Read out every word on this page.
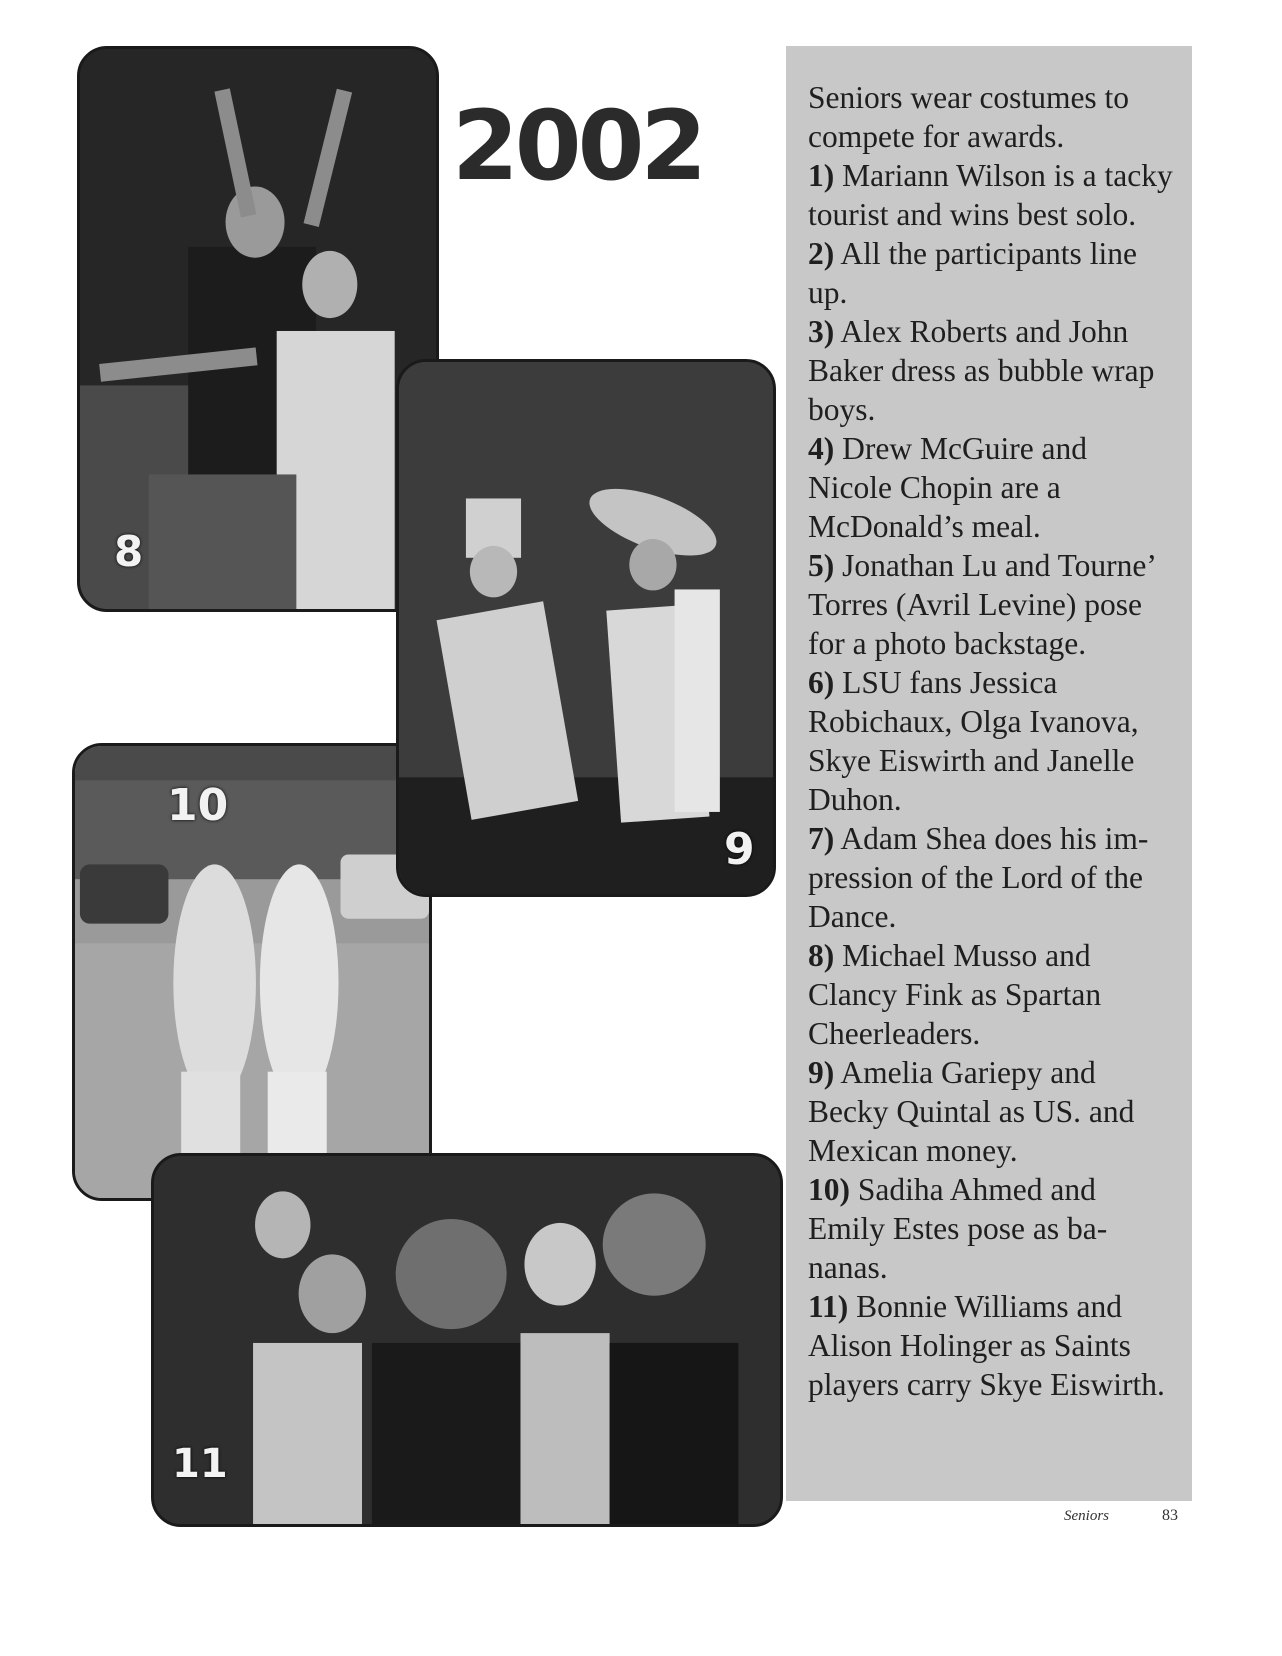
8
9
10
11
2002	Seniors wear costumes to compete for awards.

1) Mariann Wilson is a tacky tourist and wins best solo.

2) All the participants line up.

3) Alex Roberts and John Baker dress as bubble wrap boys.

4) Drew McGuire and Nicole Chopin are a McDonald’s meal.

5) Jonathan Lu and Tourne’ Torres (Avril Levine) pose for a photo backstage.

6) LSU fans Jessica Robichaux, Olga Ivanova, Skye Eiswirth and Janelle Duhon.

7) Adam Shea does his im-pression of the Lord of the Dance.

8) Michael Musso and Clancy Fink as Spartan Cheerleaders.

9) Amelia Gariepy and Becky Quintal as US. and Mexican money.

10) Sadiha Ahmed and Emily Estes pose as ba-nanas.

11) Bonnie Williams and Alison Holinger as Saints players carry Skye Eiswirth.

Seniors	83
